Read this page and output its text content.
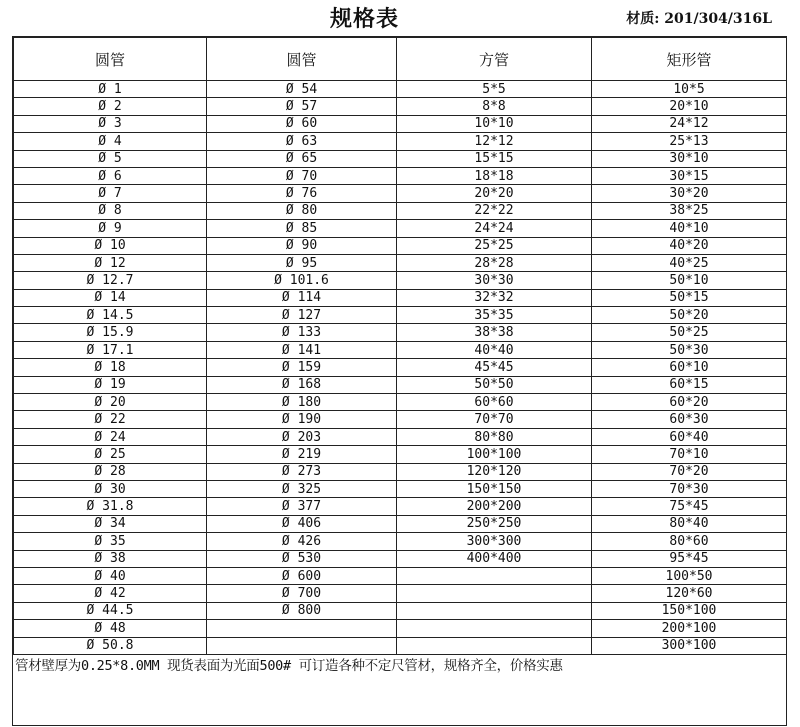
规格表	材质: 201/304/316L
圆管	圆管	方管	矩形管
Ø 1	Ø 54	5*5	10*5
Ø 2	Ø 57	8*8	20*10
Ø 3	Ø 60	10*10	24*12
Ø 4	Ø 63	12*12	25*13
Ø 5	Ø 65	15*15	30*10
Ø 6	Ø 70	18*18	30*15
Ø 7	Ø 76	20*20	30*20
Ø 8	Ø 80	22*22	38*25
Ø 9	Ø 85	24*24	40*10
Ø 10	Ø 90	25*25	40*20
Ø 12	Ø 95	28*28	40*25
Ø 12.7	Ø 101.6	30*30	50*10
Ø 14	Ø 114	32*32	50*15
Ø 14.5	Ø 127	35*35	50*20
Ø 15.9	Ø 133	38*38	50*25
Ø 17.1	Ø 141	40*40	50*30
Ø 18	Ø 159	45*45	60*10
Ø 19	Ø 168	50*50	60*15
Ø 20	Ø 180	60*60	60*20
Ø 22	Ø 190	70*70	60*30
Ø 24	Ø 203	80*80	60*40
Ø 25	Ø 219	100*100	70*10
Ø 28	Ø 273	120*120	70*20
Ø 30	Ø 325	150*150	70*30
Ø 31.8	Ø 377	200*200	75*45
Ø 34	Ø 406	250*250	80*40
Ø 35	Ø 426	300*300	80*60
Ø 38	Ø 530	400*400	95*45
Ø 40	Ø 600		100*50
Ø 42	Ø 700		120*60
Ø 44.5	Ø 800		150*100
Ø 48			200*100
Ø 50.8			300*100
管材壁厚为0.25*8.0MM 现货表面为光面500# 可订造各种不定尺管材，规格齐全，价格实惠
